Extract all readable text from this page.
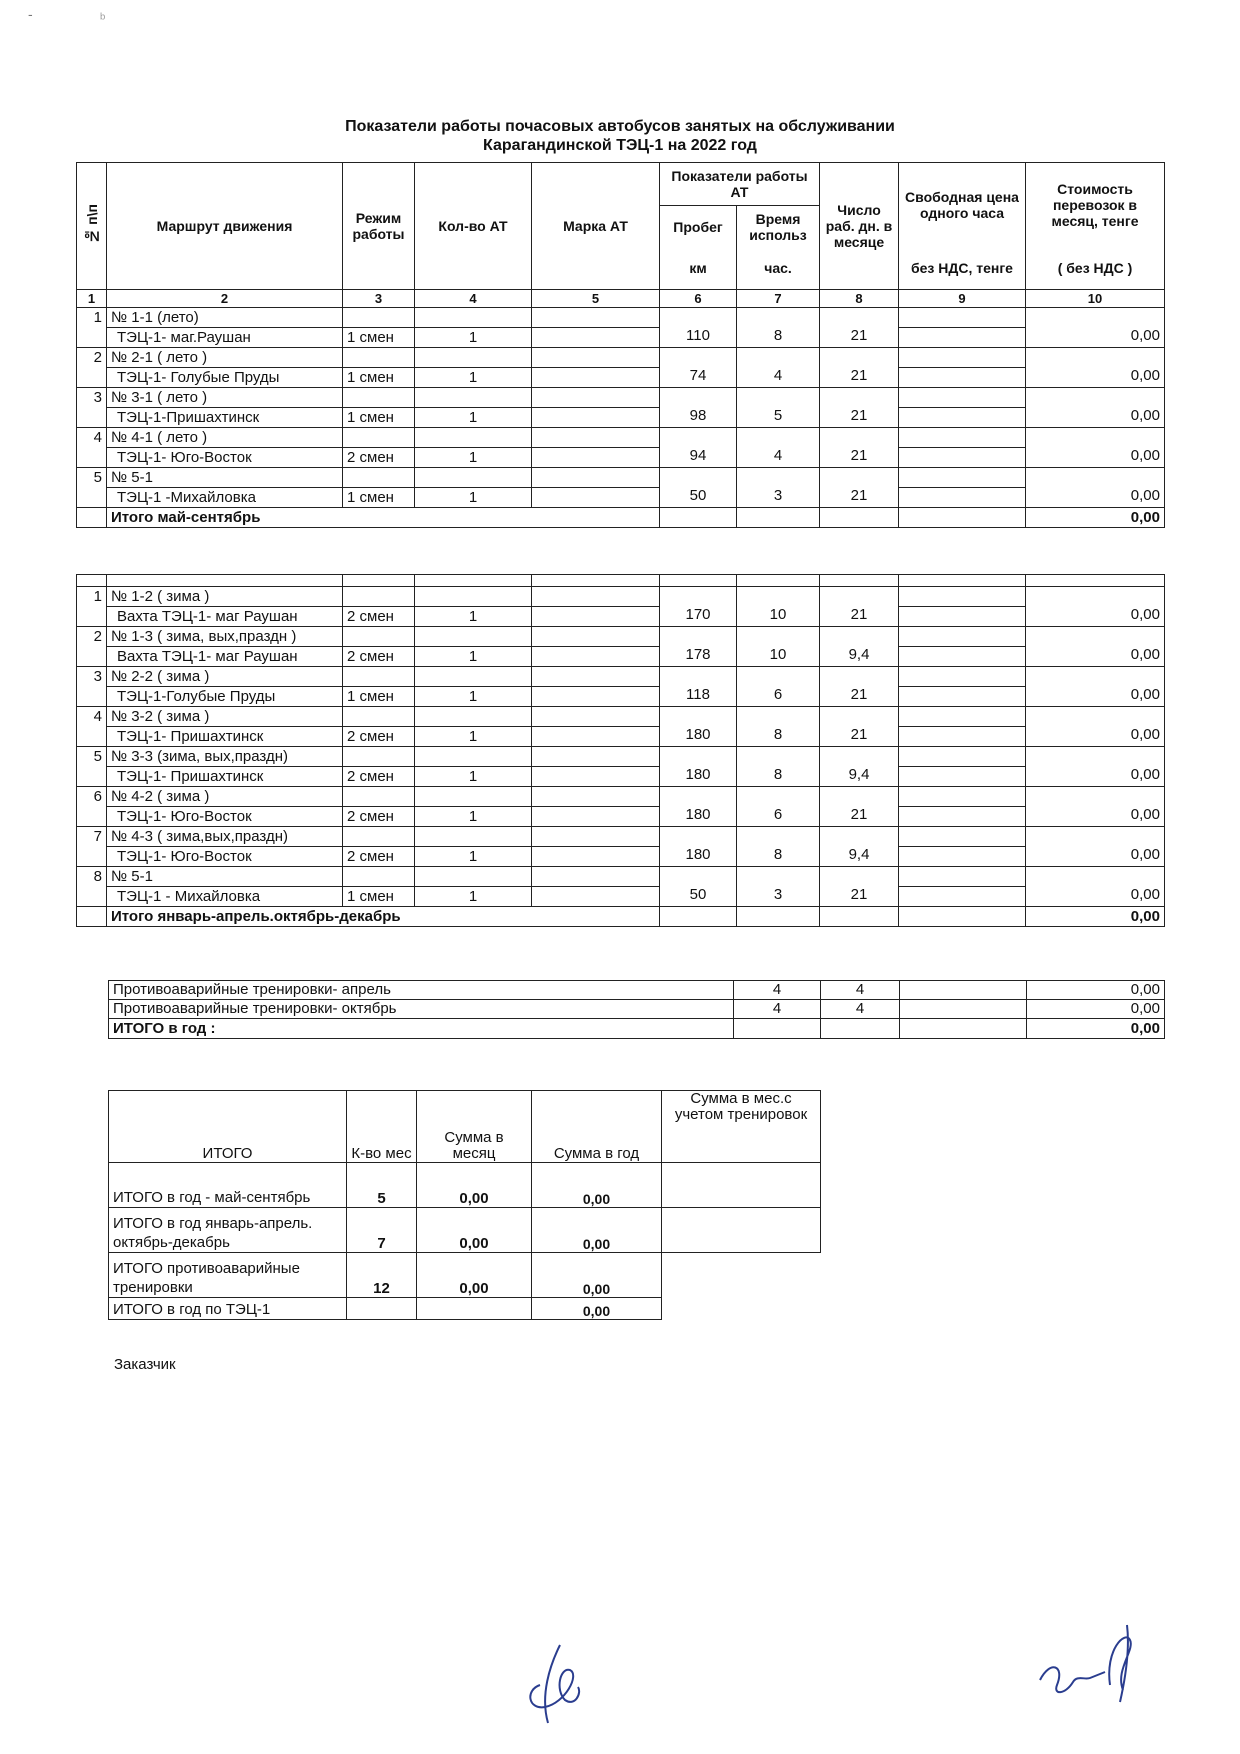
-	ᵇ
Показатели работы почасовых автобусов занятых на обслуживании
Карагандинской ТЭЦ-1 на 2022 год
№ п\п	Маршрут движения	Режим работы	Кол-во АТ	Марка АТ	Показатели работы АТ		Число раб. дн. в месяце	Свободная цена одного часа	Стоимость перевозок в месяц, тенге
					Пробег	Время использ			
					км	час.		без НДС, тенге	( без НДС )
1	2	3	4	5	6	7	8	9	10
1	№ 1-1 (лето)								
	ТЭЦ-1- маг.Раушан	1 смен	1		110	8	21		0,00
2	№ 2-1 ( лето )								
	ТЭЦ-1- Голубые Пруды	1 смен	1		74	4	21		0,00
3	№ 3-1 ( лето )								
	ТЭЦ-1-Пришахтинск	1 смен	1		98	5	21		0,00
4	№ 4-1 ( лето )								
	ТЭЦ-1- Юго-Восток	2 смен	1		94	4	21		0,00
5	№ 5-1								
	ТЭЦ-1 -Михайловка	1 смен	1		50	3	21		0,00
	Итого май-сентябрь								0,00

1	№ 1-2 ( зима )								
	Вахта ТЭЦ-1- маг Раушан	2 смен	1		170	10	21		0,00
2	№ 1-3 ( зима, вых,праздн )								
	Вахта ТЭЦ-1- маг Раушан	2 смен	1		178	10	9,4		0,00
3	№ 2-2 ( зима )								
	ТЭЦ-1-Голубые Пруды	1 смен	1		118	6	21		0,00
4	№ 3-2 ( зима )								
	ТЭЦ-1- Пришахтинск	2 смен	1		180	8	21		0,00
5	№ 3-3 (зима, вых,праздн)								
	ТЭЦ-1- Пришахтинск	2 смен	1		180	8	9,4		0,00
6	№ 4-2 ( зима )								
	ТЭЦ-1- Юго-Восток	2 смен	1		180	6	21		0,00
7	№ 4-3 ( зима,вых,праздн)								
	ТЭЦ-1- Юго-Восток	2 смен	1		180	8	9,4		0,00
8	№ 5-1								
	ТЭЦ-1 - Михайловка	1 смен	1		50	3	21		0,00
	Итого январь-апрель.октябрь-декабрь								0,00
Противоаварийные тренировки- апрель	4	4		0,00
Противоаварийные тренировки- октябрь	4	4		0,00
ИТОГО в год :				0,00
ИТОГО	К-во мес	Сумма в месяц	Сумма в год	Сумма в мес.с учетом тренировок
ИТОГО в год - май-сентябрь	5	0,00	0,00	
ИТОГО в год январь-апрель. октябрь-декабрь	7	0,00	0,00	
ИТОГО противоаварийные тренировки	12	0,00	0,00	
ИТОГО в год по ТЭЦ-1			0,00	
Заказчик
